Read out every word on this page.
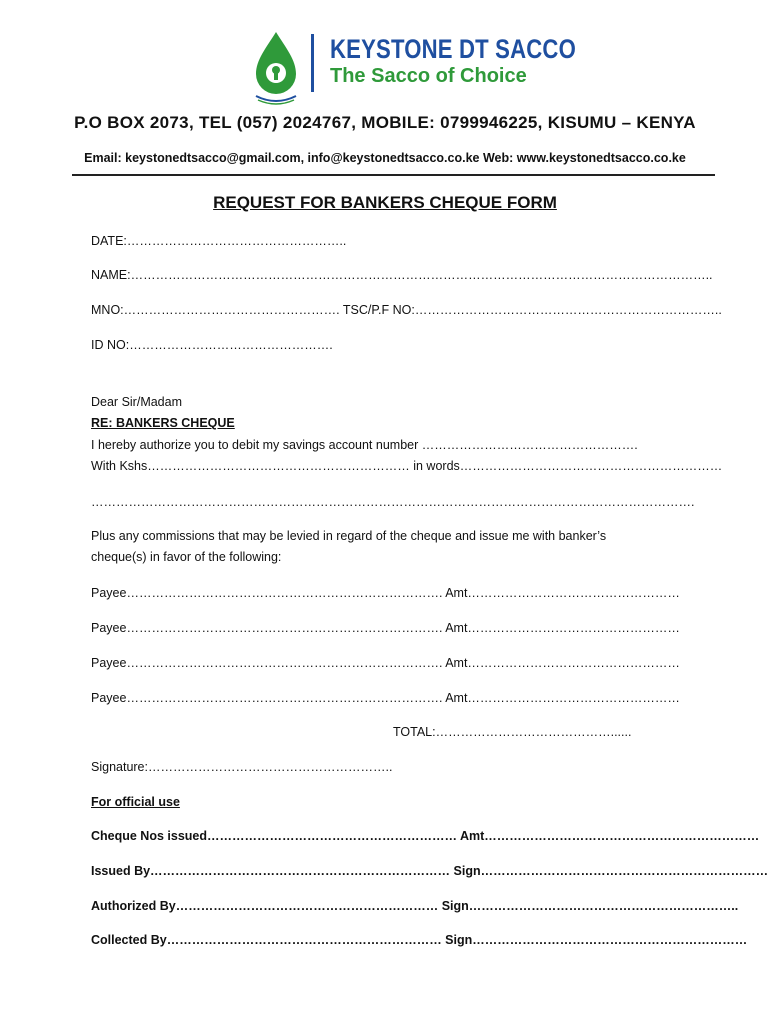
KEYSTONE DT SACCO
The Sacco of Choice
P.O BOX 2073, TEL (057) 2024767, MOBILE: 0799946225, KISUMU – KENYA
Email: keystonedtsacco@gmail.com, info@keystonedtsacco.co.ke Web: www.keystonedtsacco.co.ke
REQUEST FOR BANKERS CHEQUE FORM
DATE:……………………………………………..
NAME:…………………………………………………………………………………………………………………………..
MNO:……………………………………………. TSC/P.F NO:………………………………………………………………..
ID NO:………………………………………….
Dear Sir/Madam
RE: BANKERS CHEQUE
I hereby authorize you to debit my savings account number …………………………………………….
With Kshs……………………………………………………… in words………………………………………………………
……………………………………………………………………………………………………………………………….
Plus any commissions that may be levied in regard of the cheque and issue me with banker’s
cheque(s) in favor of the following:
Payee…………………………………………………………………. Amt……………………………………………
Payee…………………………………………………………………. Amt……………………………………………
Payee…………………………………………………………………. Amt……………………………………………
Payee…………………………………………………………………. Amt……………………………………………
TOTAL:……………………………………......
Signature:…………………………………………………..
For official use
Cheque Nos issued…………………………………………………… Amt…………………………………………………………
Issued By……………………………………………………………… Sign……………………………………………………………
Authorized By……………………………………………………… Sign………………………………………………………..
Collected By………………………………………………………… Sign…………………………………………………………
